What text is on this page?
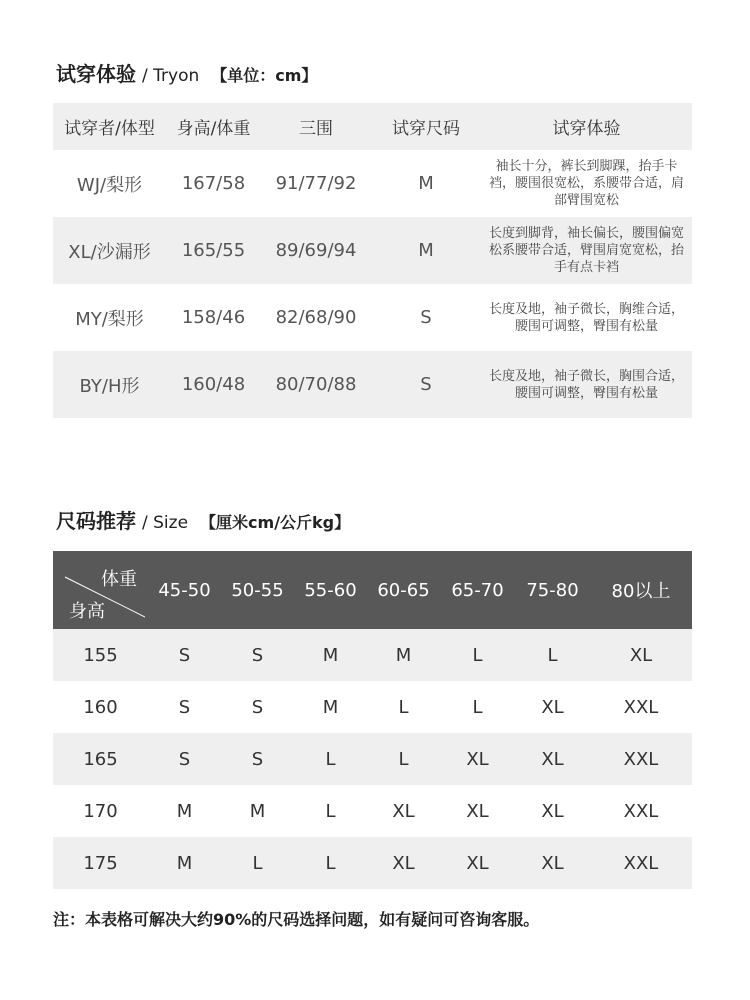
试穿体验 / Tryon 【单位：cm】
试穿者/体型	身高/体重	三围	试穿尺码	试穿体验
WJ/梨形	167/58	91/77/92	M	袖长十分，裤长到脚踝，抬手卡裆，腰围很宽松，系腰带合适，肩部臂围宽松
XL/沙漏形	165/55	89/69/94	M	长度到脚背，袖长偏长，腰围偏宽松系腰带合适，臂围肩宽宽松，抬手有点卡裆
MY/梨形	158/46	82/68/90	S	长度及地，袖子微长，胸维合适，腰围可调整，臀围有松量
BY/H形	160/48	80/70/88	S	长度及地，袖子微长，胸围合适，腰围可调整，臀围有松量
尺码推荐 / Size 【厘米cm/公斤kg】
体重
身高	45-50	50-55	55-60	60-65	65-70	75-80	80以上
155	S	S	M	M	L	L	XL
160	S	S	M	L	L	XL	XXL
165	S	S	L	L	XL	XL	XXL
170	M	M	L	XL	XL	XL	XXL
175	M	L	L	XL	XL	XL	XXL
注：本表格可解决大约90%的尺码选择问题，如有疑问可咨询客服。
